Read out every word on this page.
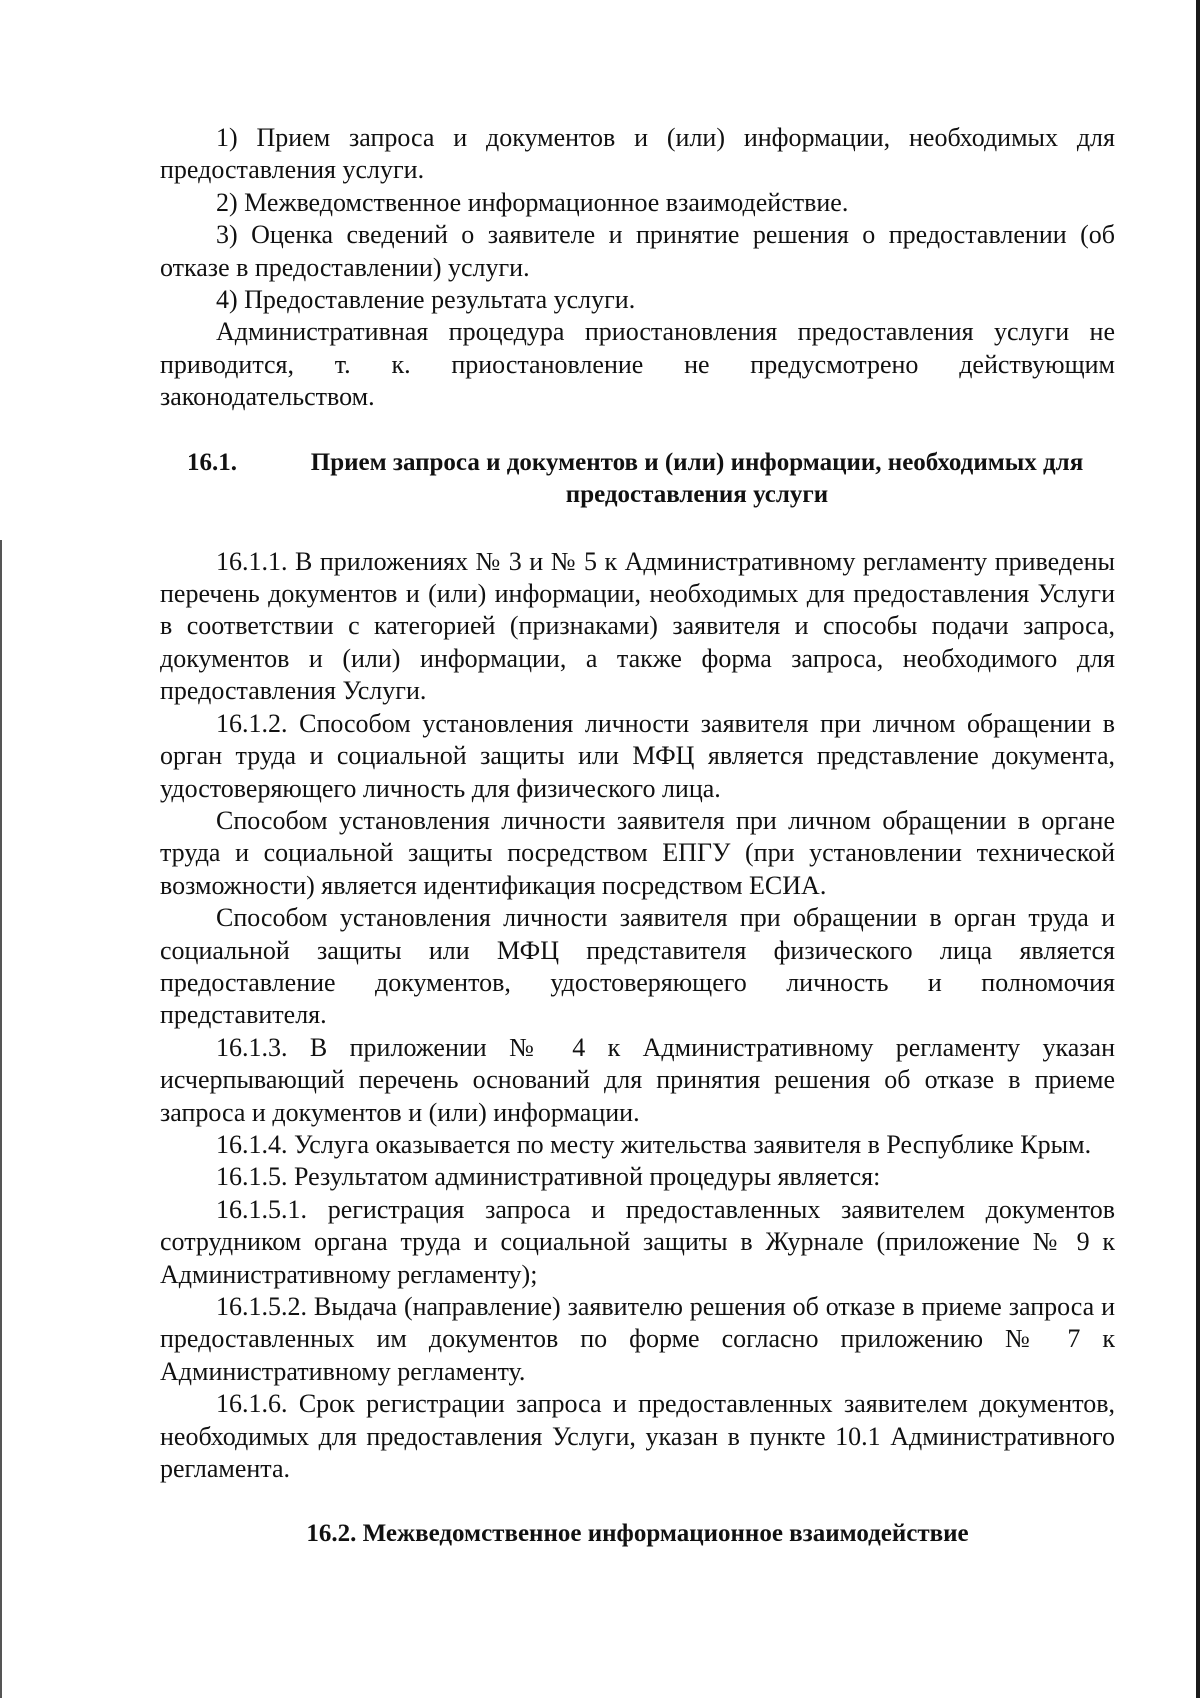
1) Прием запроса и документов и (или) информации, необходимых для предоставления услуги.

2) Межведомственное информационное взаимодействие.

3) Оценка сведений о заявителе и принятие решения о предоставлении (об отказе в предоставлении) услуги.

4) Предоставление результата услуги.

Административная процедура приостановления предоставления услуги не приводится, т. к. приостановление не предусмотрено действующим законодательством.

16.1.	Прием запроса и документов и (или) информации, необходимых для предоставления услуги

16.1.1. В приложениях № 3 и № 5 к Административному регламенту приведены перечень документов и (или) информации, необходимых для предоставления Услуги в соответствии с категорией (признаками) заявителя и способы подачи запроса, документов и (или) информации, а также форма запроса, необходимого для предоставления Услуги.

16.1.2. Способом установления личности заявителя при личном обращении в орган труда и социальной защиты или МФЦ является представление документа, удостоверяющего личность для физического лица.

Способом установления личности заявителя при личном обращении в органе труда и социальной защиты посредством ЕПГУ (при установлении технической возможности) является идентификация посредством ЕСИА.

Способом установления личности заявителя при обращении в орган труда и социальной защиты или МФЦ представителя физического лица является предоставление документов, удостоверяющего личность и полномочия представителя.

16.1.3. В приложении № 4 к Административному регламенту указан исчерпывающий перечень оснований для принятия решения об отказе в приеме запроса и документов и (или) информации.

16.1.4. Услуга оказывается по месту жительства заявителя в Республике Крым.

16.1.5. Результатом административной процедуры является:

16.1.5.1. регистрация запроса и предоставленных заявителем документов сотрудником органа труда и социальной защиты в Журнале (приложение № 9 к Административному регламенту);

16.1.5.2. Выдача (направление) заявителю решения об отказе в приеме запроса и предоставленных им документов по форме согласно приложению № 7 к Административному регламенту.

16.1.6. Срок регистрации запроса и предоставленных заявителем документов, необходимых для предоставления Услуги, указан в пункте 10.1 Административного регламента.

16.2. Межведомственное информационное взаимодействие
